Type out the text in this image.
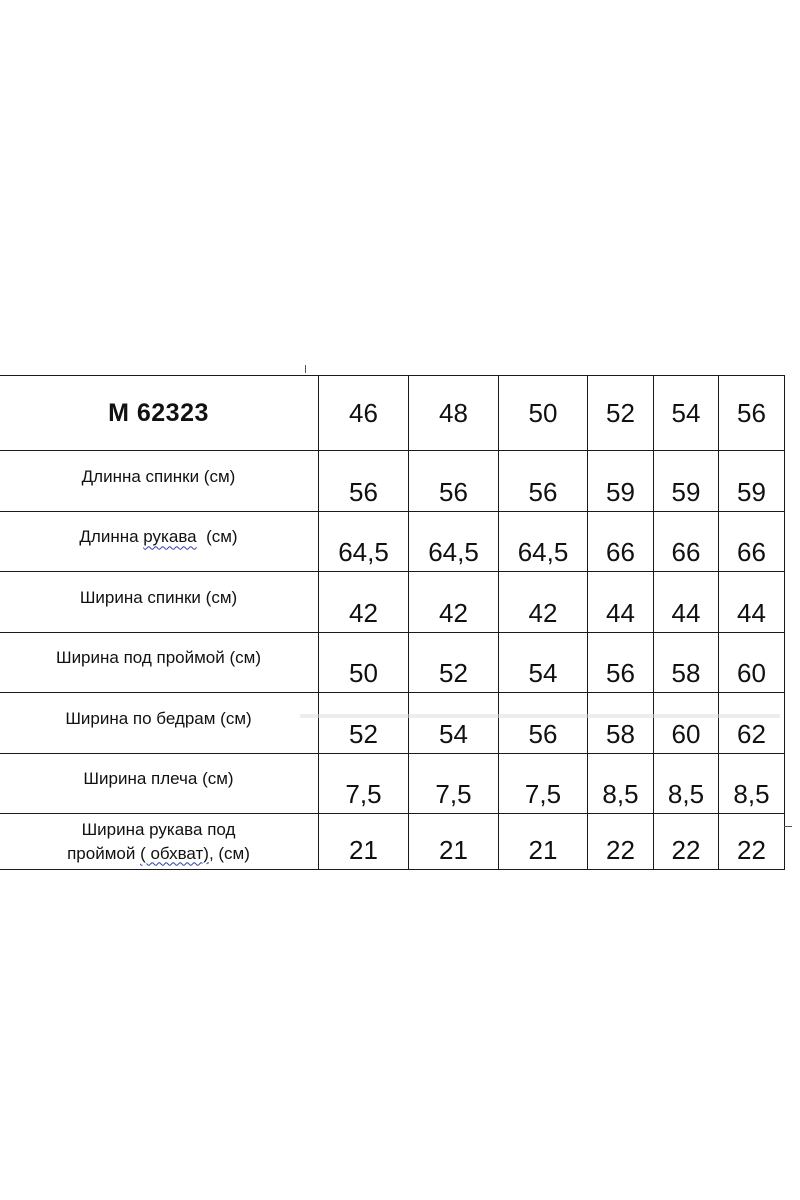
М 62323	46	48	50	52	54	56
Длинна спинки (см)	56	56	56	59	59	59
Длинна рукава  (см)	64,5	64,5	64,5	66	66	66
Ширина спинки (см)	42	42	42	44	44	44
Ширина под проймой (см)	50	52	54	56	58	60
Ширина по бедрам (см)	52	54	56	58	60	62
Ширина плеча (см)	7,5	7,5	7,5	8,5	8,5	8,5

Ширина рукава под
проймой ( обхват), (см)	21	21	21	22	22	22
